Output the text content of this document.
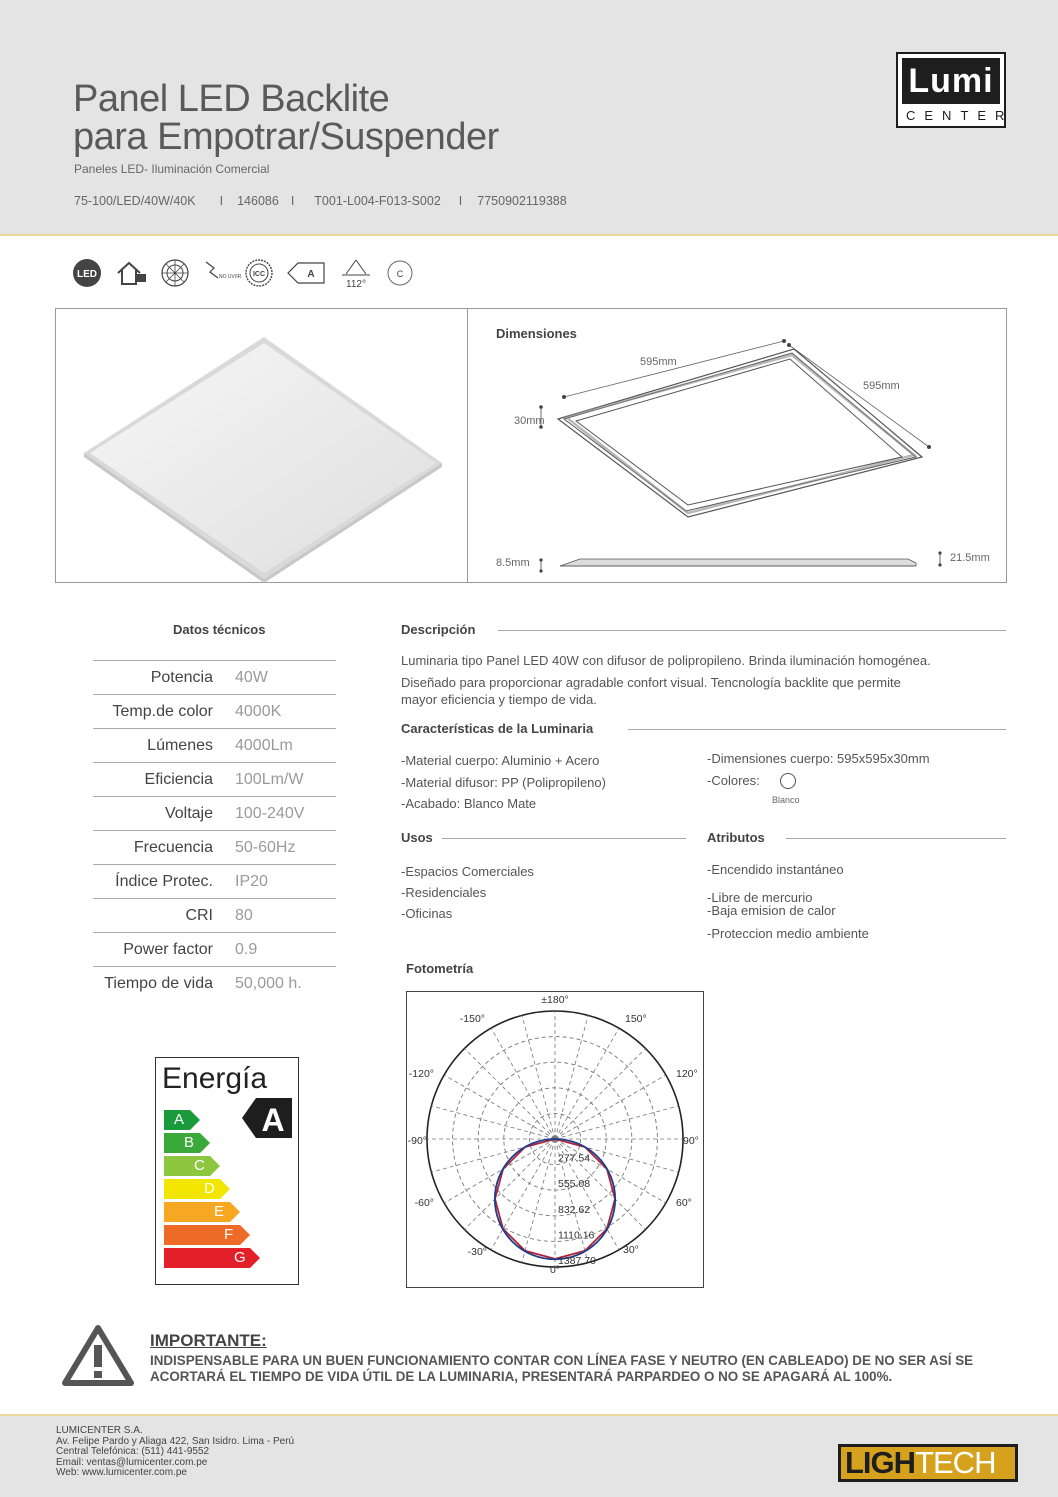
Panel LED Backlite
para Empotrar/Suspender
Paneles LED- Iluminación Comercial
75-100/LED/40W/40K I 146086 I T001-L004-F013-S002 I 7750902119388
Lumi
CENTER
LED	NO UV/IR ICC	A
112°
C
Dimensiones
595mm
595mm
30mm
8.5mm	21.5mm
Datos técnicos
Potencia 40W
Temp.de color 4000K
Lúmenes 4000Lm
Eficiencia 100Lm/W
Voltaje 100-240V
Frecuencia 50-60Hz
Índice Protec. IP20
CRI 80
Power factor 0.9
Tiempo de vida 50,000 h.
Descripción
Luminaria tipo Panel LED 40W con difusor de polipropileno. Brinda iluminación homogénea.
Diseñado para proporcionar agradable confort visual. Tencnología backlite que permite
mayor eficiencia y tiempo de vida.
Características de la Luminaria
-Material cuerpo: Aluminio + Acero
-Material difusor: PP (Polipropileno)
-Acabado: Blanco Mate
-Dimensiones cuerpo: 595x595x30mm
-Colores:
Blanco
Usos
-Espacios Comerciales
-Residenciales
-Oficinas
Atributos
-Encendido instantáneo
-Libre de mercurio
-Baja emision de calor
-Proteccion medio ambiente
Energía
A
B
C
D
E
F
G
A
Fotometría
277.54
555.08
832.62
1110.16
1387.70
±180°
-150°	150°
-120°	120°
-90°	90°
-60°	60°
-30°	30°
0°
IMPORTANTE:
INDISPENSABLE PARA UN BUEN FUNCIONAMIENTO CONTAR CON LÍNEA FASE Y NEUTRO (EN CABLEADO) DE NO SER ASÍ SE
ACORTARÁ EL TIEMPO DE VIDA ÚTIL DE LA LUMINARIA, PRESENTARÁ PARPARDEO O NO SE APAGARÁ AL 100%.
LUMICENTER S.A.
Av. Felipe Pardo y Aliaga 422, San Isidro. Lima - Perú
Central Telefónica: (511) 441-9552
Email: ventas@lumicenter.com.pe
Web: www.lumicenter.com.pe	LIGHTECH
